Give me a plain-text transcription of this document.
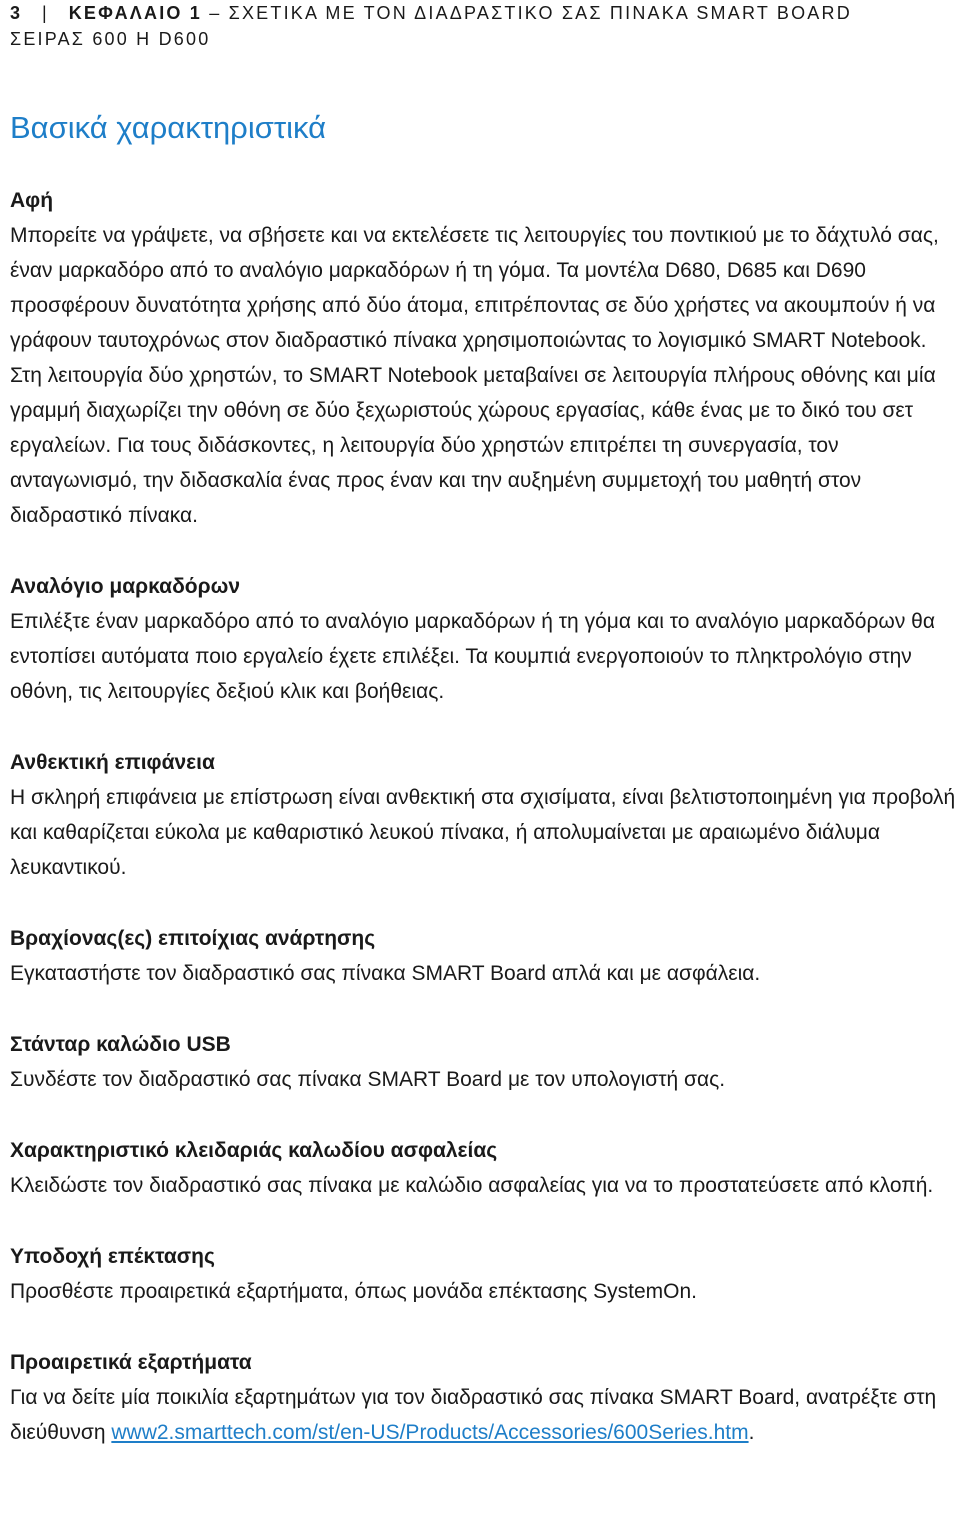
3 | ΚΕΦΑΛΑΙΟ 1 – ΣΧΕΤΙΚΑ ΜΕ ΤΟΝ ΔΙΑΔΡΑΣΤΙΚΟ ΣΑΣ ΠΙΝΑΚΑ SMART BOARD
ΣΕΙΡΑΣ 600 Η D600
Βασικά χαρακτηριστικά
Αφή

Μπορείτε να γράψετε, να σβήσετε και να εκτελέσετε τις λειτουργίες του ποντικιού με το δάχτυλό σας, έναν μαρκαδόρο από το αναλόγιο μαρκαδόρων ή τη γόμα. Τα μοντέλα D680, D685 και D690 προσφέρουν δυνατότητα χρήσης από δύο άτομα, επιτρέποντας σε δύο χρήστες να ακουμπούν ή να γράφουν ταυτοχρόνως στον διαδραστικό πίνακα χρησιμοποιώντας το λογισμικό SMART Notebook. Στη λειτουργία δύο χρηστών, το SMART Notebook μεταβαίνει σε λειτουργία πλήρους οθόνης και μία γραμμή διαχωρίζει την οθόνη σε δύο ξεχωριστούς χώρους εργασίας, κάθε ένας με το δικό του σετ εργαλείων. Για τους διδάσκοντες, η λειτουργία δύο χρηστών επιτρέπει τη συνεργασία, τον ανταγωνισμό, την διδασκαλία ένας προς έναν και την αυξημένη συμμετοχή του μαθητή στον διαδραστικό πίνακα.

Αναλόγιο μαρκαδόρων

Επιλέξτε έναν μαρκαδόρο από το αναλόγιο μαρκαδόρων ή τη γόμα και το αναλόγιο μαρκαδόρων θα εντοπίσει αυτόματα ποιο εργαλείο έχετε επιλέξει. Τα κουμπιά ενεργοποιούν το πληκτρολόγιο στην οθόνη, τις λειτουργίες δεξιού κλικ και βοήθειας.

Ανθεκτική επιφάνεια

Η σκληρή επιφάνεια με επίστρωση είναι ανθεκτική στα σχισίματα, είναι βελτιστοποιημένη για προβολή και καθαρίζεται εύκολα με καθαριστικό λευκού πίνακα, ή απολυμαίνεται με αραιωμένο διάλυμα λευκαντικού.

Βραχίονας(ες) επιτοίχιας ανάρτησης

Εγκαταστήστε τον διαδραστικό σας πίνακα SMART Board απλά και με ασφάλεια.

Στάνταρ καλώδιο USB

Συνδέστε τον διαδραστικό σας πίνακα SMART Board με τον υπολογιστή σας.

Χαρακτηριστικό κλειδαριάς καλωδίου ασφαλείας

Κλειδώστε τον διαδραστικό σας πίνακα με καλώδιο ασφαλείας για να το προστατεύσετε από κλοπή.

Υποδοχή επέκτασης

Προσθέστε προαιρετικά εξαρτήματα, όπως μονάδα επέκτασης SystemOn.

Προαιρετικά εξαρτήματα

Για να δείτε μία ποικιλία εξαρτημάτων για τον διαδραστικό σας πίνακα SMART Board, ανατρέξτε στη διεύθυνση www2.smarttech.com/st/en-US/Products/Accessories/600Series.htm.
